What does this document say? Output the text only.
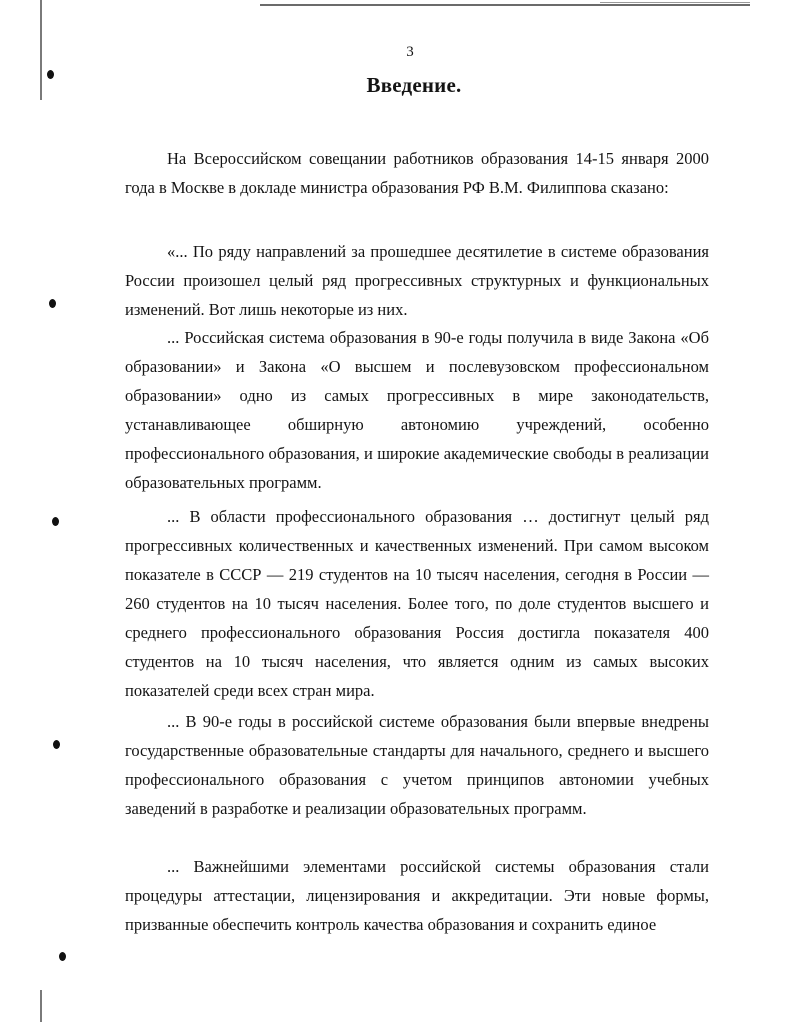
3
Введение.

На Всероссийском совещании работников образования 14-15 января 2000 года в Москве в докладе министра образования РФ В.М. Филиппова сказано:

«... По ряду направлений за прошедшее десятилетие в системе образования России произошел целый ряд прогрессивных структурных и функциональных изменений. Вот лишь некоторые из них.

... Российская система образования в 90-е годы получила в виде Закона «Об образовании» и Закона «О высшем и послевузовском профессиональном образовании» одно из самых прогрессивных в мире законодательств, устанавливающее обширную автономию учреждений, особенно профессионального образования, и широкие академические свободы в реализации образовательных программ.

... В области профессионального образования … достигнут целый ряд прогрессивных количественных и качественных изменений. При самом высоком показателе в СССР — 219 студентов на 10 тысяч населения, сегодня в России — 260 студентов на 10 тысяч населения. Более того, по доле студентов высшего и среднего профессионального образования Россия достигла показателя 400 студентов на 10 тысяч населения, что является одним из самых высоких показателей среди всех стран мира.

... В 90-е годы в российской системе образования были впервые внедрены государственные образовательные стандарты для начального, среднего и высшего профессионального образования с учетом принципов автономии учебных заведений в разработке и реализации образовательных программ.

... Важнейшими элементами российской системы образования стали процедуры аттестации, лицензирования и аккредитации. Эти новые формы, призванные обеспечить контроль качества образования и сохранить единое
